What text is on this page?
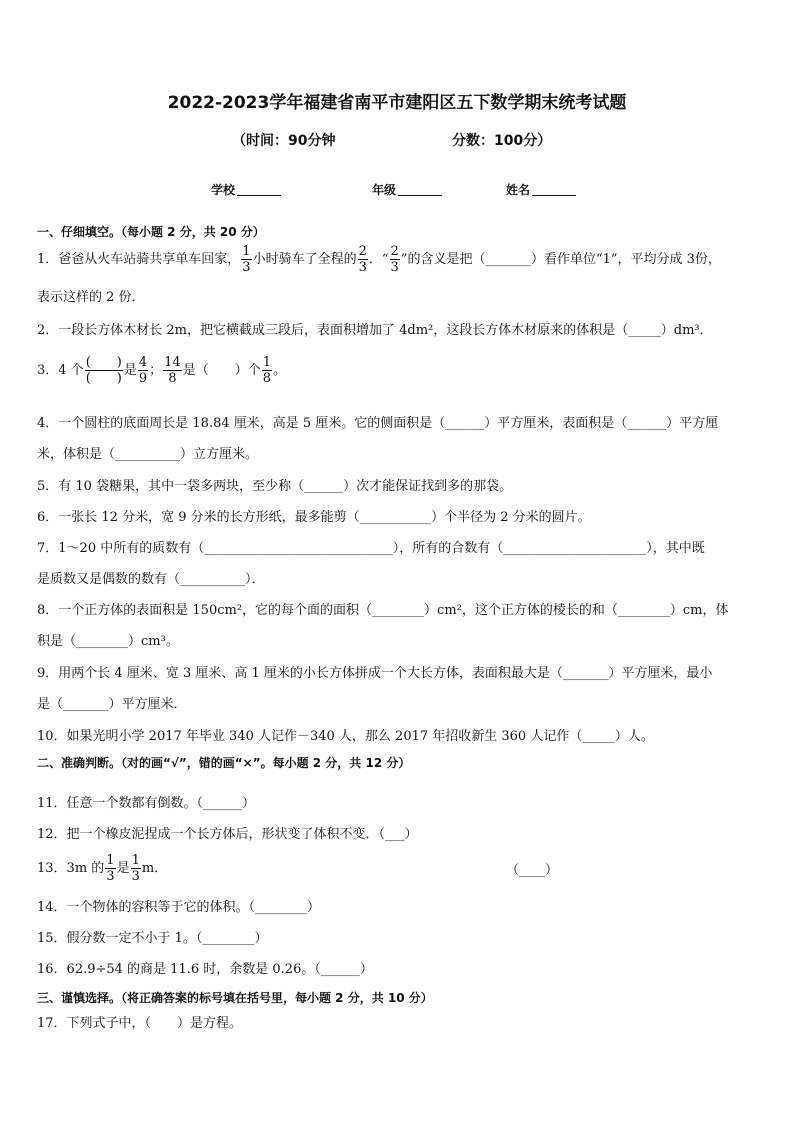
2022-2023学年福建省南平市建阳区五下数学期末统考试题
（时间：90分钟	分数：100分）
学校	年级	姓名
一、仔细填空。（每小题 2 分，共 20 分）
1．爸爸从火车站骑共享单车回家， $\frac{1}{3}$ 小时骑车了全程的 $\frac{2}{3}$ ．“ $\frac{2}{3}$ ”的含义是把（_______）看作单位“1”，平均分成 3份，
表示这样的 2 份．
2．一段长方体木材长 2m，把它横截成三段后，表面积增加了 4dm²，这段长方体木材原来的体积是（_____）dm³．
3．4 个 $\frac{( )}{( )}$ 是 $\frac{4}{9}$ ； $\frac{14}{8}$ 是（　　）个 $\frac{1}{8}$ 。
4．一个圆柱的底面周长是 18.84 厘米，高是 5 厘米。它的侧面积是（______）平方厘米，表面积是（______）平方厘
米，体积是（__________）立方厘米。
5．有 10 袋糖果，其中一袋多两块，至少称（______）次才能保证找到多的那袋。
6．一张长 12 分米，宽 9 分米的长方形纸，最多能剪（___________）个半径为 2 分米的圆片。
7．1～20 中所有的质数有（_____________________________），所有的合数有（______________________），其中既
是质数又是偶数的数有（__________）．
8．一个正方体的表面积是 150cm²，它的每个面的面积（________）cm²，这个正方体的棱长的和（________）cm，体
积是（________）cm³。
9．用两个长 4 厘米、宽 3 厘米、高 1 厘米的小长方体拼成一个大长方体，表面积最大是（_______）平方厘米，最小
是（_______）平方厘米．
10．如果光明小学 2017 年毕业 340 人记作－340 人，那么 2017 年招收新生 360 人记作（_____）人。
二、准确判断。（对的画“√”，错的画“×”。每小题 2 分，共 12 分）
11．任意一个数都有倒数。（______）
12．把一个橡皮泥捏成一个长方体后，形状变了体积不变．（___）
13．3m 的 $\frac{1}{3}$ 是 $\frac{1}{3}$ m．	（____）
14．一个物体的容积等于它的体积。（________）
15．假分数一定不小于 1。（________）
16．62.9÷54 的商是 11.6 时，余数是 0.26。（______）
三、谨慎选择。（将正确答案的标号填在括号里，每小题 2 分，共 10 分）
17．下列式子中，（　　）是方程。
